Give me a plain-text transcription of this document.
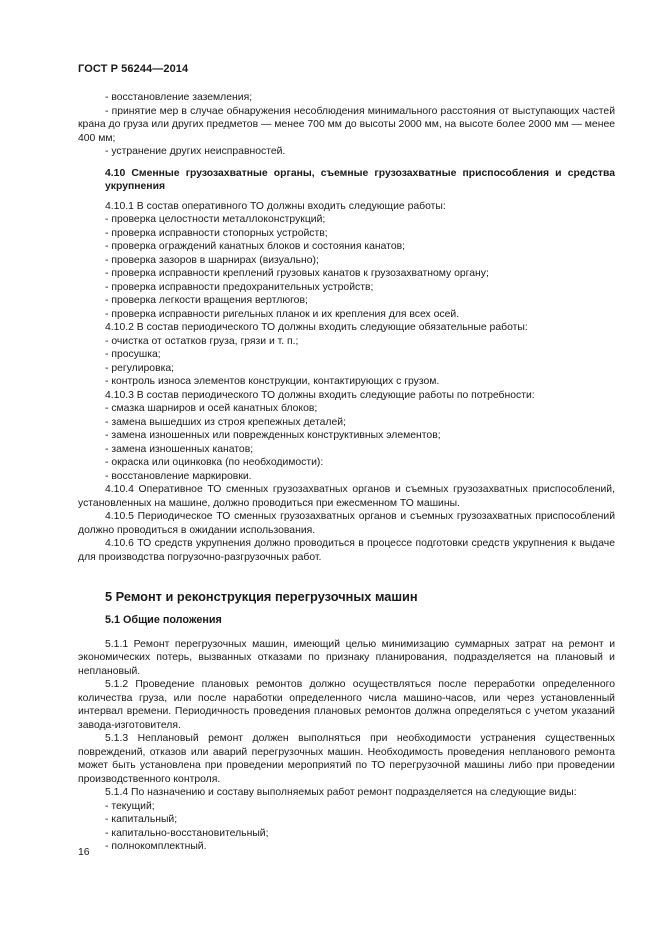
ГОСТ Р 56244—2014

- восстановление заземления;

- принятие мер в случае обнаружения несоблюдения минимального расстояния от выступающих частей крана до груза или других предметов — менее 700 мм до высоты 2000 мм, на высоте более 2000 мм — менее 400 мм;

- устранение других неисправностей.

4.10 Сменные грузозахватные органы, съемные грузозахватные приспособления и средства укрупнения

4.10.1 В состав оперативного ТО должны входить следующие работы:

- проверка целостности металлоконструкций;

- проверка исправности стопорных устройств;

- проверка ограждений канатных блоков и состояния канатов;

- проверка зазоров в шарнирах (визуально);

- проверка исправности креплений грузовых канатов к грузозахватному органу;

- проверка исправности предохранительных устройств;

- проверка легкости вращения вертлюгов;

- проверка исправности ригельных планок и их крепления для всех осей.

4.10.2 В состав периодического ТО должны входить следующие обязательные работы:

- очистка от остатков груза, грязи и т. п.;

- просушка;

- регулировка;

- контроль износа элементов конструкции, контактирующих с грузом.

4.10.3 В состав периодического ТО должны входить следующие работы по потребности:

- смазка шарниров и осей канатных блоков;

- замена вышедших из строя крепежных деталей;

- замена изношенных или поврежденных конструктивных элементов;

- замена изношенных канатов;

- окраска или оцинковка (по необходимости):

- восстановление маркировки.

4.10.4 Оперативное ТО сменных грузозахватных органов и съемных грузозахватных приспособлений, установленных на машине, должно проводиться при ежесменном ТО машины.

4.10.5 Периодическое ТО сменных грузозахватных органов и съемных грузозахватных приспособлений должно проводиться в ожидании использования.

4.10.6 ТО средств укрупнения должно проводиться в процессе подготовки средств укрупнения к выдаче для производства погрузочно-разгрузочных работ.

5 Ремонт и реконструкция перегрузочных машин

5.1 Общие положения

5.1.1 Ремонт перегрузочных машин, имеющий целью минимизацию суммарных затрат на ремонт и экономических потерь, вызванных отказами по признаку планирования, подразделяется на плановый и неплановый.

5.1.2 Проведение плановых ремонтов должно осуществляться после переработки определенного количества груза, или после наработки определенного числа машино-часов, или через установленный интервал времени. Периодичность проведения плановых ремонтов должна определяться с учетом указаний завода-изготовителя.

5.1.3 Неплановый ремонт должен выполняться при необходимости устранения существенных повреждений, отказов или аварий перегрузочных машин. Необходимость проведения непланового ремонта может быть установлена при проведении мероприятий по ТО перегрузочной машины либо при проведении производственного контроля.

5.1.4 По назначению и составу выполняемых работ ремонт подразделяется на следующие виды:

- текущий;

- капитальный;

- капитально-восстановительный;

- полнокомплектный.

16
